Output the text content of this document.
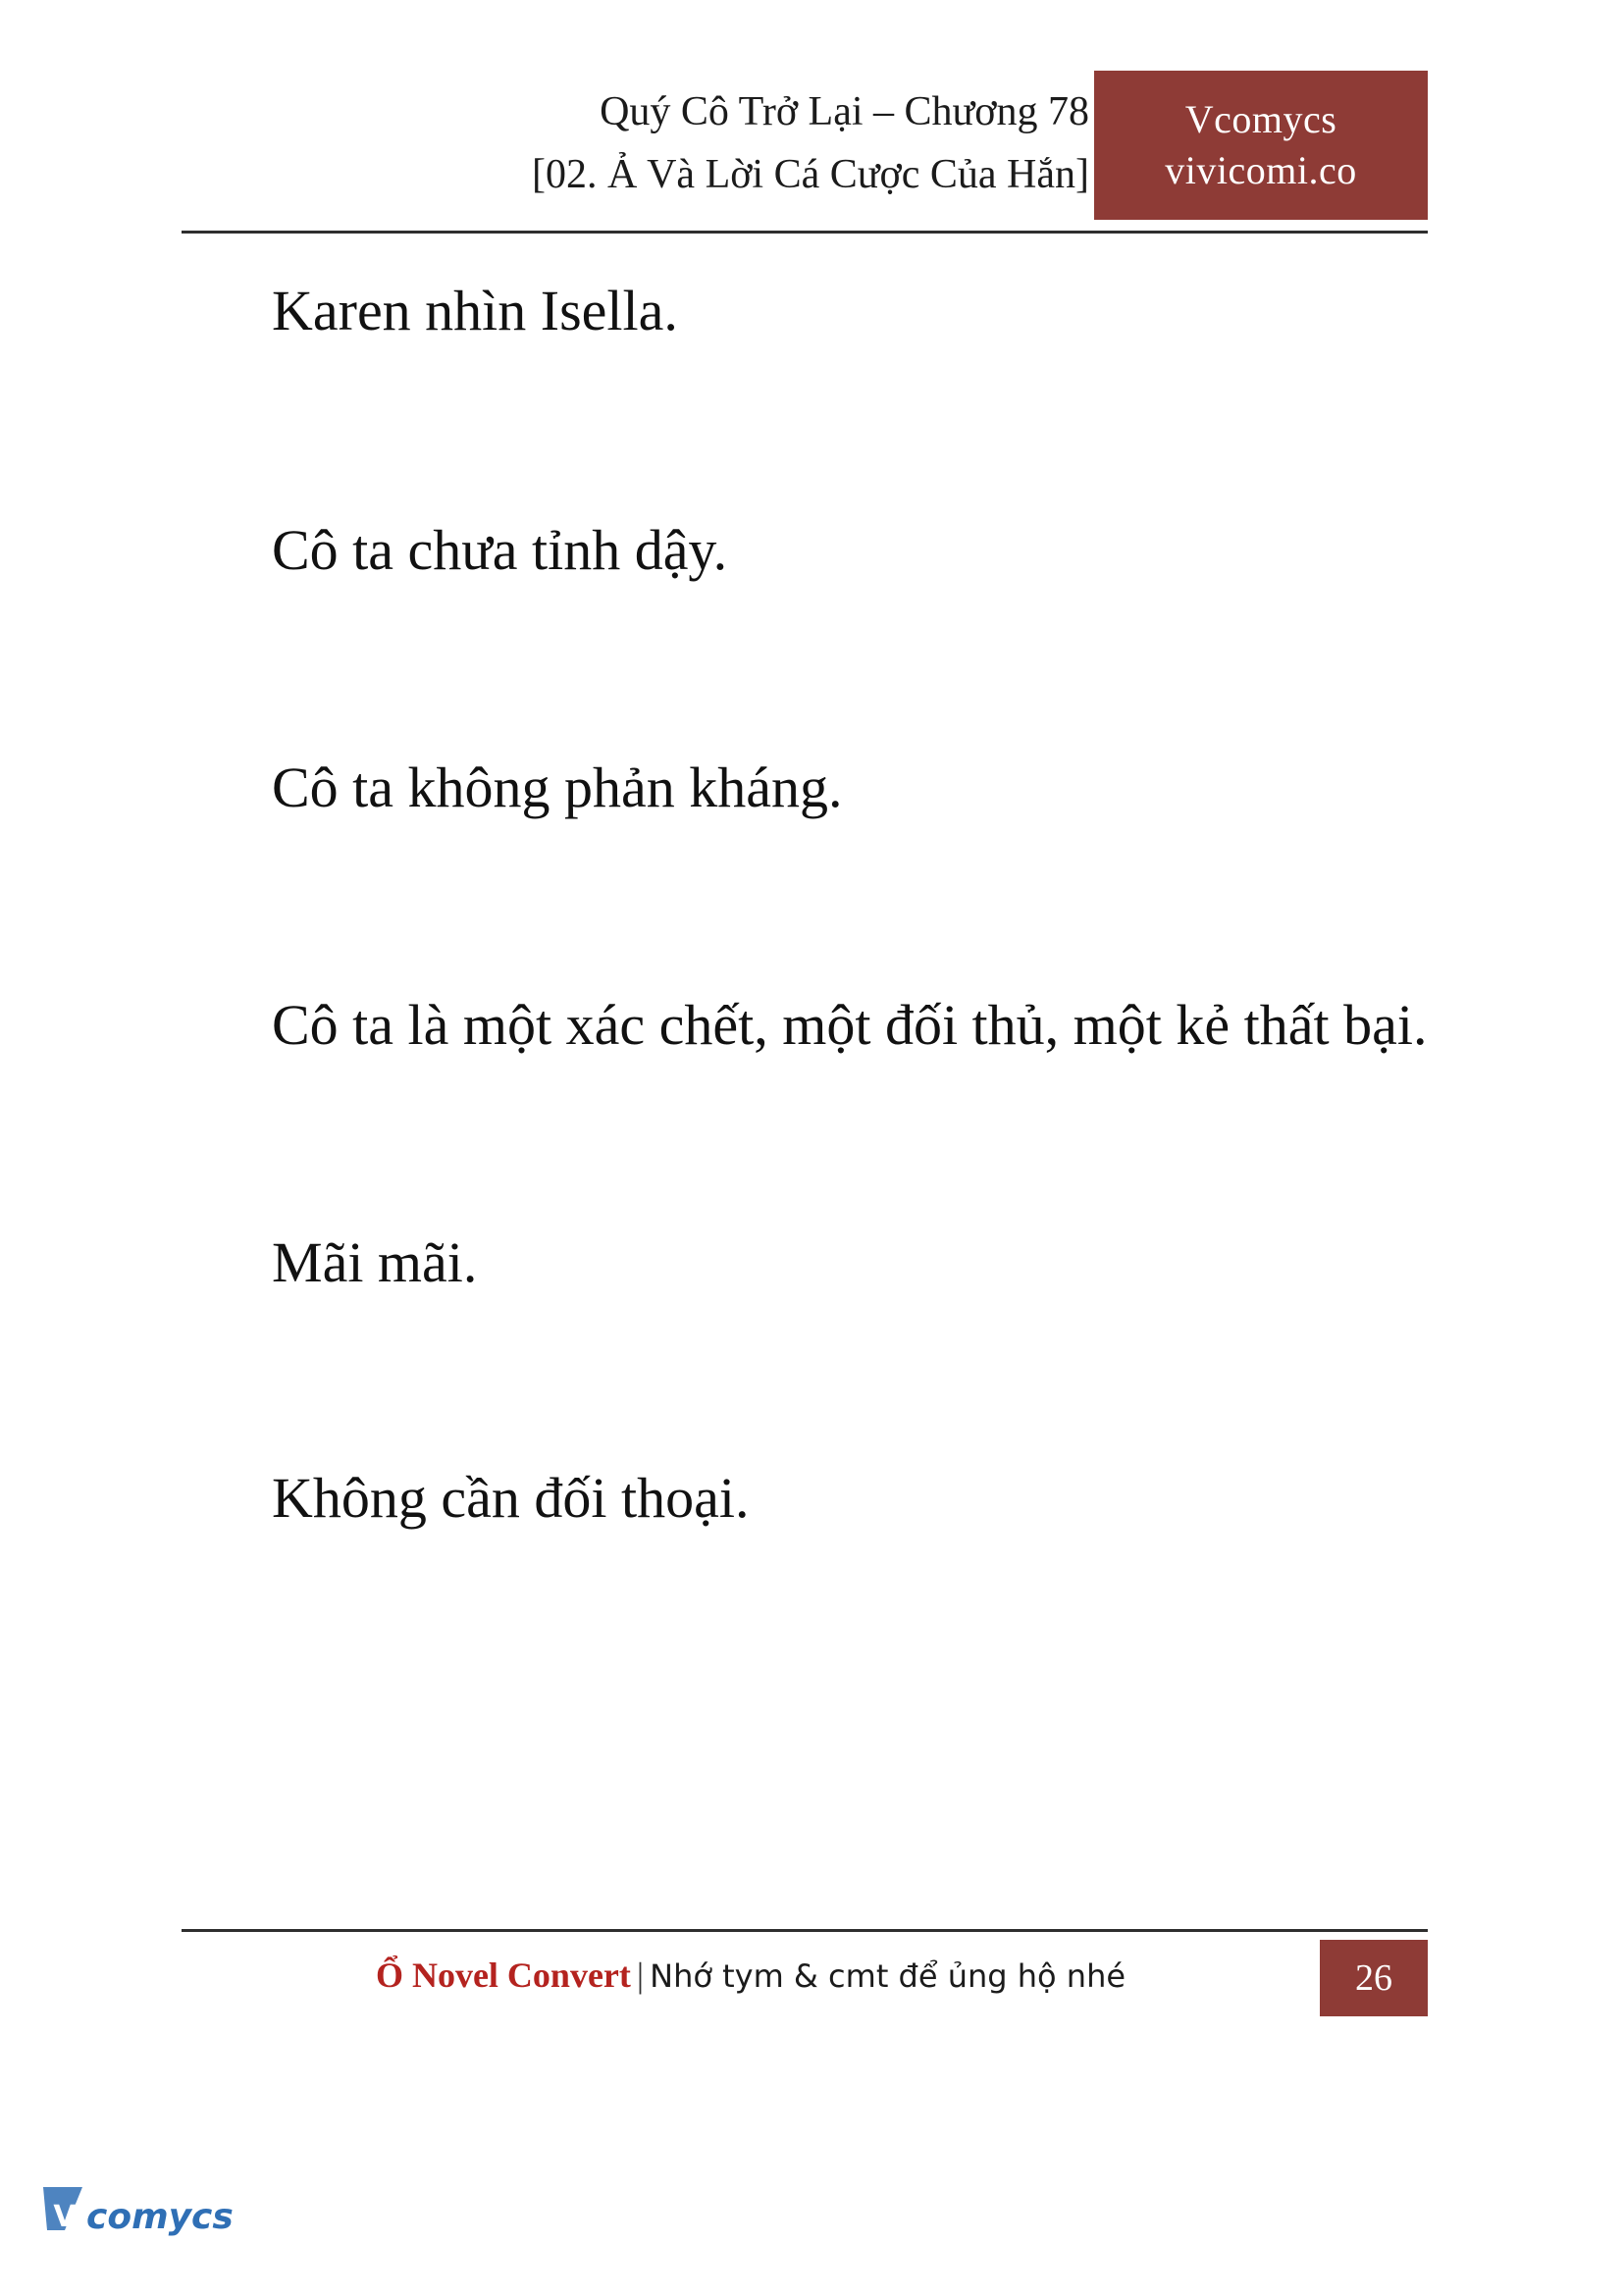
Quý Cô Trở Lại – Chương 78
[02. Ả Và Lời Cá Cược Của Hắn]
Vcomycs
vivicomi.co

Karen nhìn Isella.

Cô ta chưa tỉnh dậy.

Cô ta không phản kháng.

Cô ta là một xác chết, một đối thủ, một kẻ thất bại.

Mãi mãi.

Không cần đối thoại.

Ổ Novel Convert | Nhớ tym & cmt để ủng hộ nhé	26
V comycs
